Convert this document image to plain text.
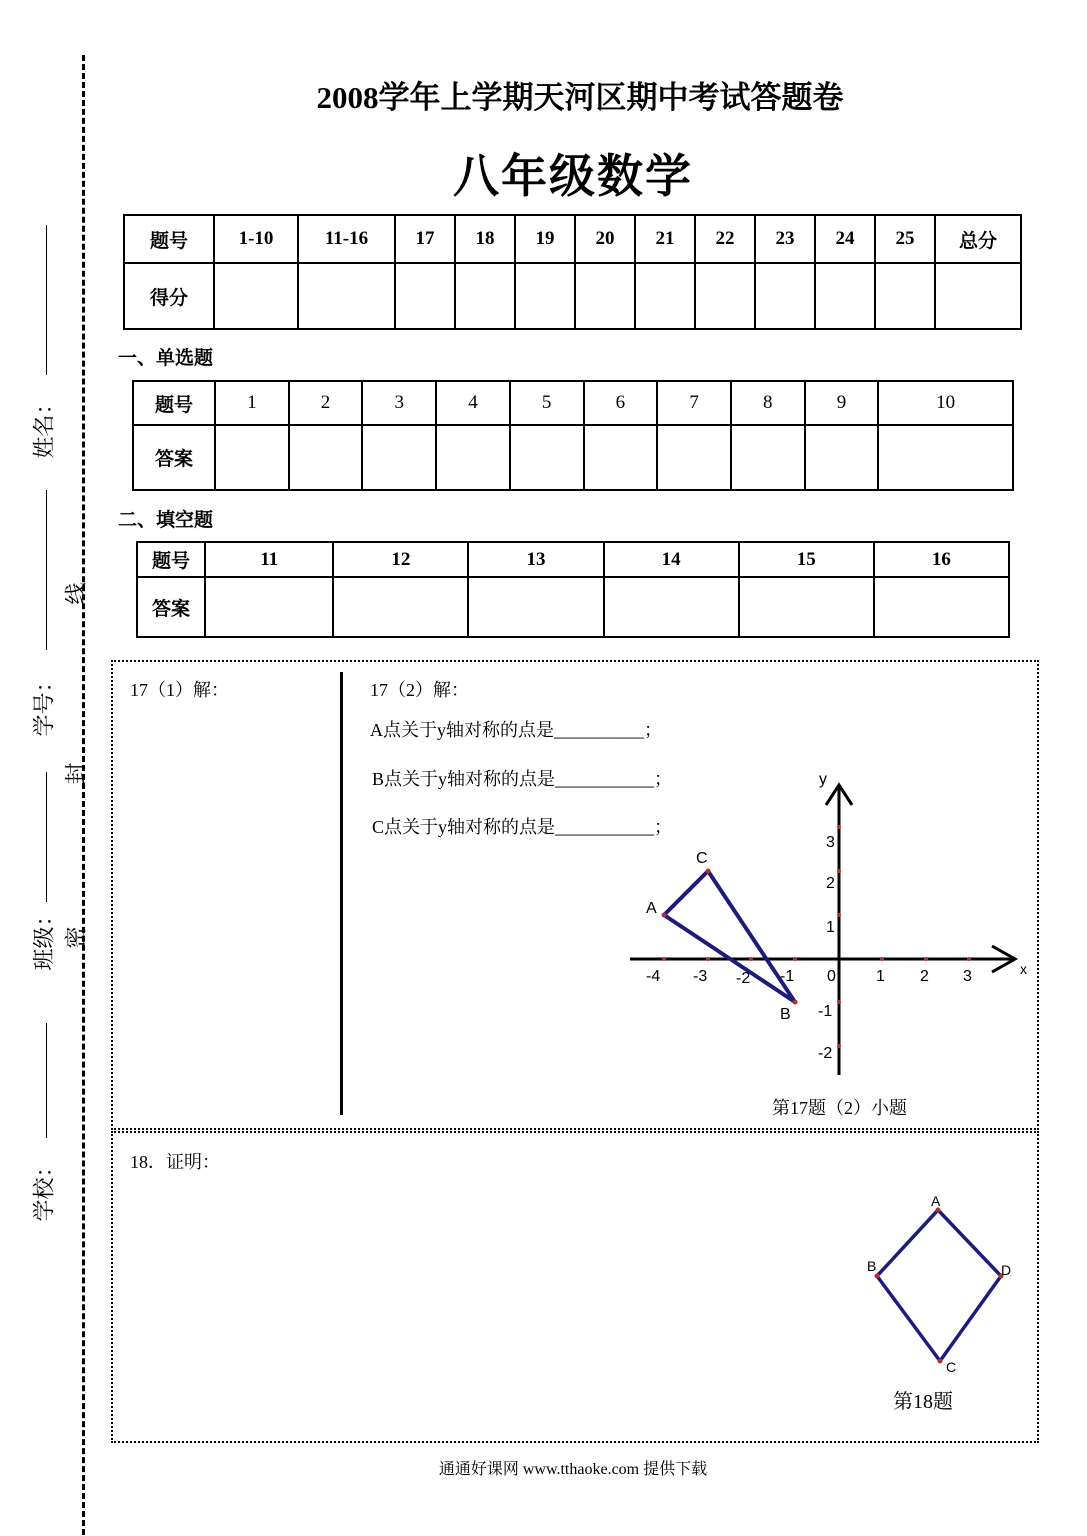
姓名：
线
学号：
封
班级： 密
学校：
2008学年上学期天河区期中考试答题卷
八年级数学
题号	1-10	11-16	17	18	19	20	21	22	23	24	25	总分
得分												
一、单选题
题号	1	2	3	4	5	6	7	8	9	10
答案										
二、填空题
题号	11	12	13	14	15	16
答案						
17（1）解：	17（2）解：
A点关于y轴对称的点是__________；
B点关于y轴对称的点是___________；
C点关于y轴对称的点是___________；
x
y
-4 -3 -2 -1 0	1 2 3
3
2
1
-1
-2
A
C
B
第17题（2）小题
18．证明：
A
B
C
D
第18题
通通好课网 www.tthaoke.com 提供下载
